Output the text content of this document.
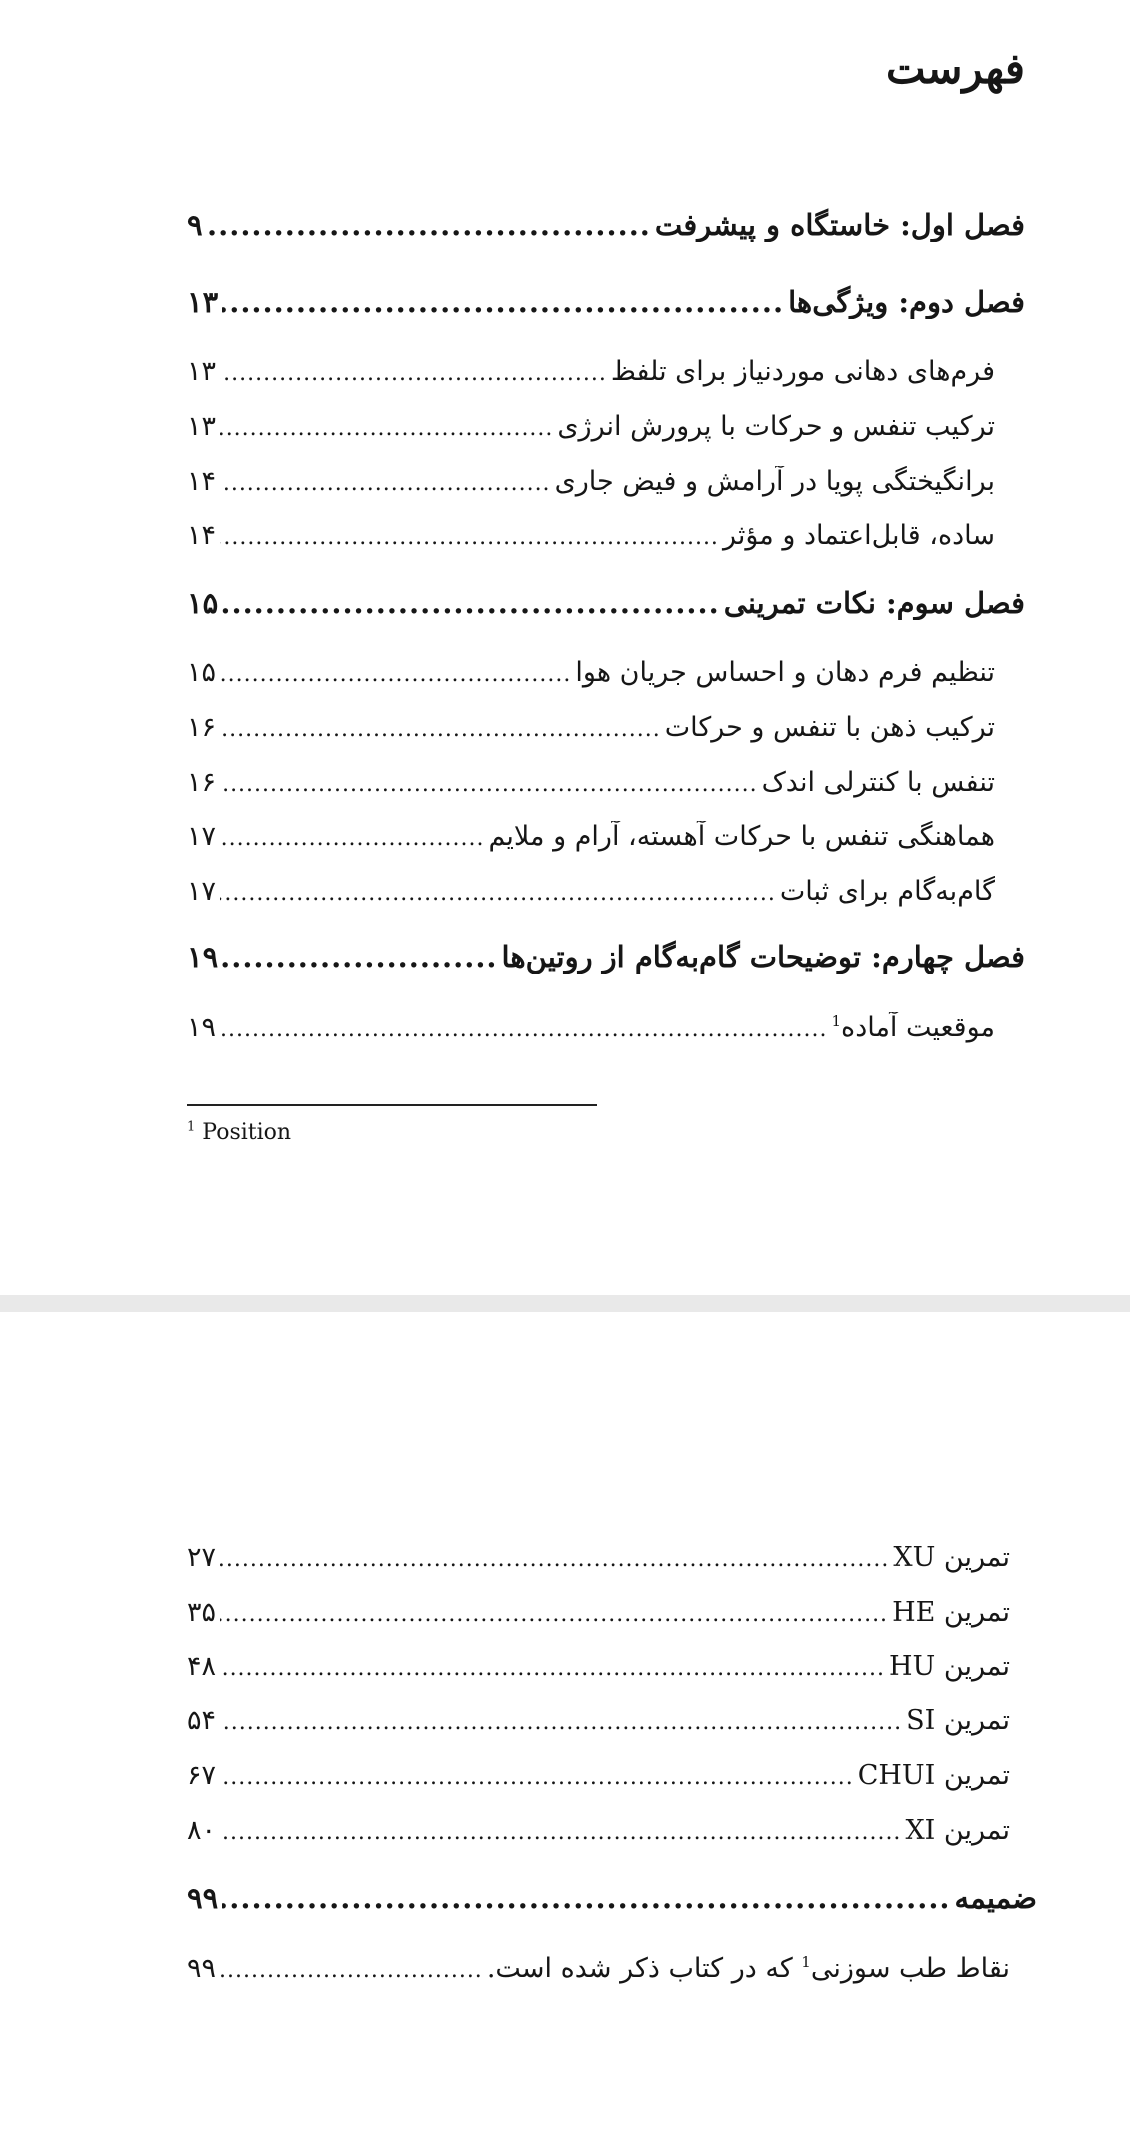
فهرست
فصل اول: خاستگاه و پیشرفت
.....
۹
فصل دوم: ویژگی‌ها
.....
۱۳
فرم‌های دهانی موردنیاز برای تلفظ
.....
۱۳
ترکیب تنفس و حرکات با پرورش انرژی
.....
۱۳
برانگیختگی پویا در آرامش و فیض جاری
.....
۱۴
ساده، قابل‌اعتماد و مؤثر
.....
۱۴
فصل سوم: نکات تمرینی
.....
۱۵
تنظیم فرم دهان و احساس جریان هوا
.....
۱۵
ترکیب ذهن با تنفس و حرکات
.....
۱۶
تنفس با کنترلی اندک
.....
۱۶
هماهنگی تنفس با حرکات آهسته، آرام و ملایم
.....
۱۷
گام‌به‌گام برای ثبات
.....
۱۷
فصل چهارم: توضیحات گام‌به‌گام از روتین‌ها
.....
۱۹
موقعیت آماده$^1$
.....
۱۹
$^1$ Position
تمرین XU
.....
۲۷
تمرین HE
.....
۳۵
تمرین HU
.....
۴۸
تمرین SI
.....
۵۴
تمرین CHUI
.....
۶۷
تمرین XI
.....
۸۰
ضمیمه
.....
۹۹
نقاط طب سوزنی$^1$ که در کتاب ذکر شده است.
.....
۹۹
